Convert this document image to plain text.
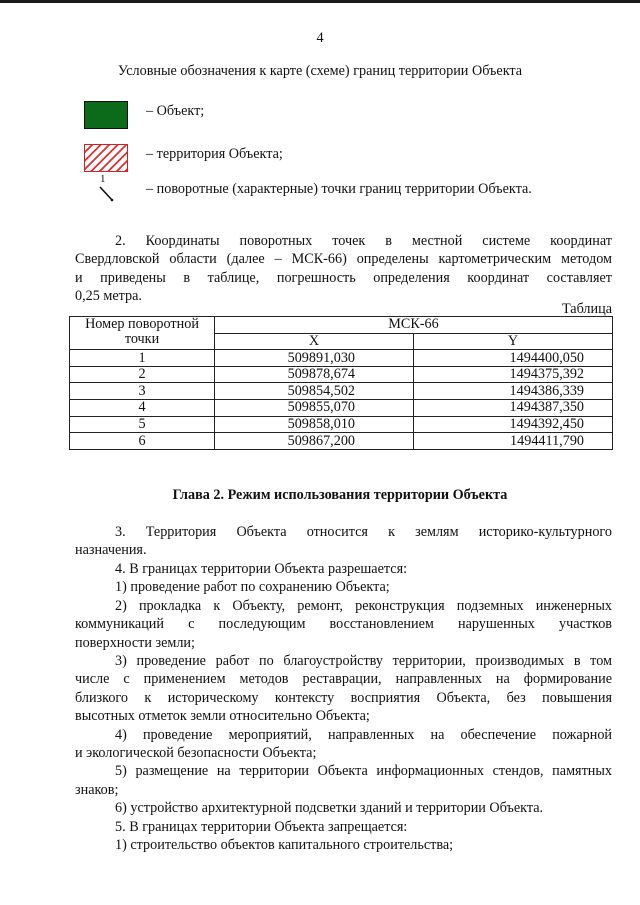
4
Условные обозначения к карте (схеме) границ территории Объекта
– Объект;
– территория Объекта;
1
– поворотные (характерные) точки границ территории Объекта.
2. Координаты поворотных точек в местной системе координат
Свердловской области (далее – МСК-66) определены картометрическим методом
и приведены в таблице, погрешность определения координат составляет
0,25 метра.
Таблица
Номер поворотной точки	МСК-66	
	X	Y
1	509891,030	1494400,050
2	509878,674	1494375,392
3	509854,502	1494386,339
4	509855,070	1494387,350
5	509858,010	1494392,450
6	509867,200	1494411,790
Глава 2. Режим использования территории Объекта
3. Территория Объекта относится к землям историко-культурного
назначения.
4. В границах территории Объекта разрешается:
1) проведение работ по сохранению Объекта;
2) прокладка к Объекту, ремонт, реконструкция подземных инженерных
коммуникаций с последующим восстановлением нарушенных участков
поверхности земли;
3) проведение работ по благоустройству территории, производимых в том
числе с применением методов реставрации, направленных на формирование
близкого к историческому контексту восприятия Объекта, без повышения
высотных отметок земли относительно Объекта;
4) проведение мероприятий, направленных на обеспечение пожарной
и экологической безопасности Объекта;
5) размещение на территории Объекта информационных стендов, памятных
знаков;
6) устройство архитектурной подсветки зданий и территории Объекта.
5. В границах территории Объекта запрещается:
1) строительство объектов капитального строительства;
